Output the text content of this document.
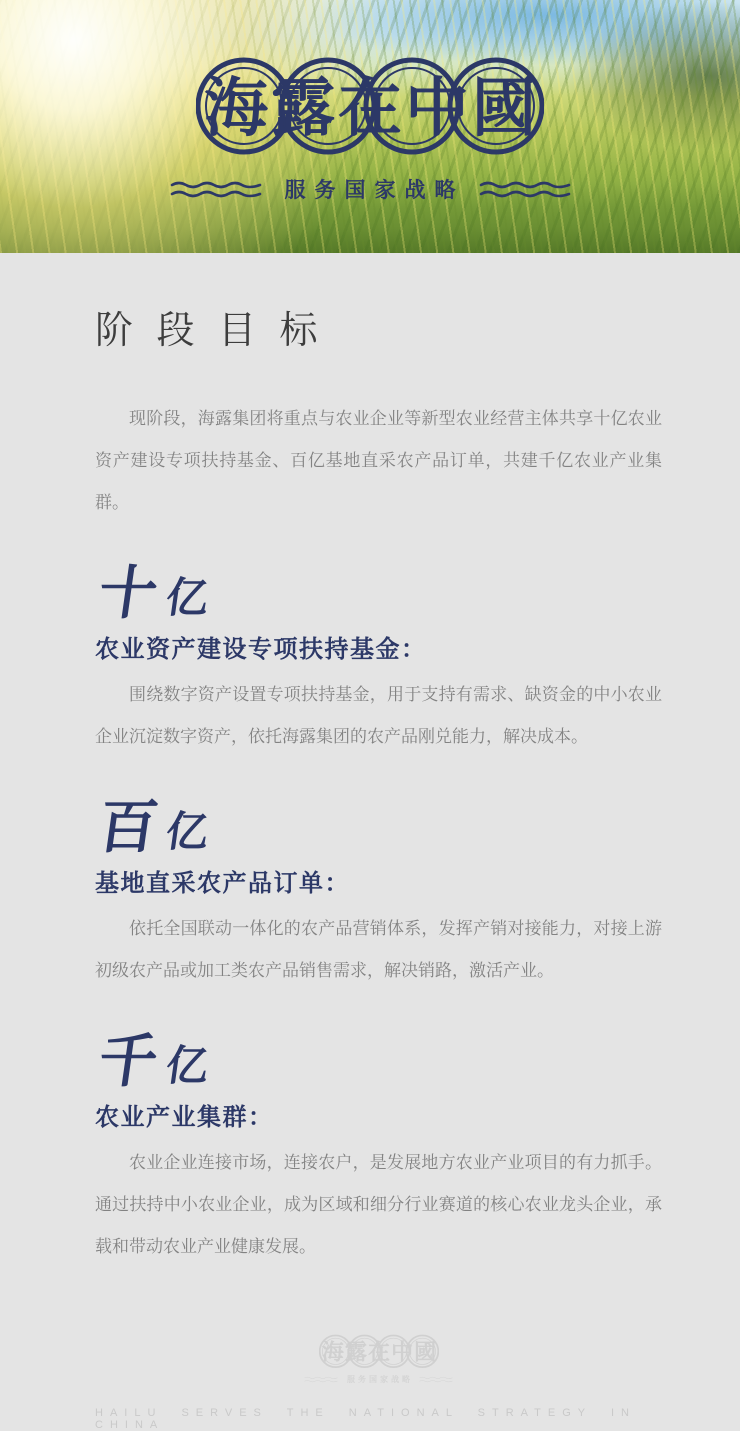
海 露 在 中 國
服务国家战略
阶 段 目 标

现阶段，海露集团将重点与农业企业等新型农业经营主体共享十亿农业资产建设专项扶持基金、百亿基地直采农产品订单，共建千亿农业产业集群。

十 亿
农业资产建设专项扶持基金：

围绕数字资产设置专项扶持基金，用于支持有需求、缺资金的中小农业企业沉淀数字资产，依托海露集团的农产品刚兑能力，解决成本。

百 亿
基地直采农产品订单：

依托全国联动一体化的农产品营销体系，发挥产销对接能力，对接上游初级农产品或加工类农产品销售需求，解决销路，激活产业。

千 亿
农业产业集群：

农业企业连接市场，连接农户，是发展地方农业产业项目的有力抓手。通过扶持中小农业企业，成为区域和细分行业赛道的核心农业龙头企业，承载和带动农业产业健康发展。

海 露 在 中 國
服务国家战略
HAILU SERVES THE NATIONAL STRATEGY IN CHINA
